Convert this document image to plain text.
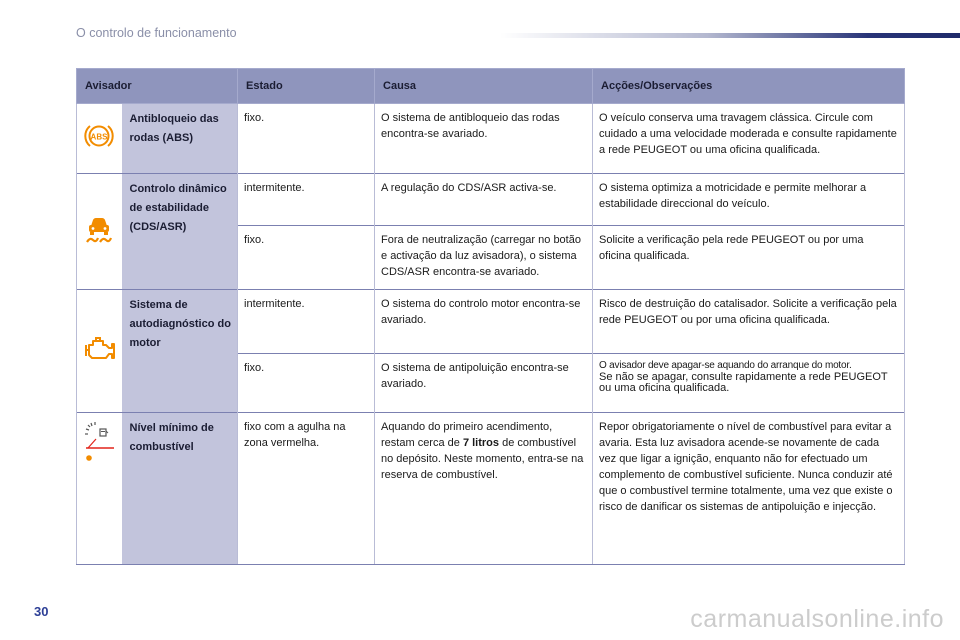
O controlo de funcionamento
Avisador		Estado	Causa	Acções/Observações

ABS	Antibloqueio das rodas (ABS)	fixo.	O sistema de antibloqueio das rodas encontra-se avariado.	O veículo conserva uma travagem clássica. Circule com cuidado a uma velocidade moderada e consulte rapidamente a rede PEUGEOT ou uma oficina qualificada.
	Controlo dinâmico de estabilidade (CDS/ASR)	intermitente.	A regulação do CDS/ASR activa-se.	O sistema optimiza a motricidade e permite melhorar a estabilidade direccional do veículo.
		fixo.	Fora de neutralização (carregar no botão e activação da luz avisadora), o sistema CDS/ASR encontra-se avariado.	Solicite a verificação pela rede PEUGEOT ou por uma oficina qualificada.
	Sistema de autodiagnóstico do motor	intermitente.	O sistema do controlo motor encontra-se avariado.	Risco de destruição do catalisador. Solicite a verificação pela rede PEUGEOT ou por uma oficina qualificada.
		fixo.	O sistema de antipoluição encontra-se avariado.	O avisador deve apagar-se aquando do arranque do motor.
Se não se apagar, consulte rapidamente a rede PEUGEOT ou uma oficina qualificada.

	Nível mínimo de combustível	fixo com a agulha na zona vermelha.	Aquando do primeiro acendimento, restam cerca de 7 litros de combustível no depósito. Neste momento, entra-se na reserva de combustível.	Repor obrigatoriamente o nível de combustível para evitar a avaria. Esta luz avisadora acende-se novamente de cada vez que ligar a ignição, enquanto não for efectuado um complemento de combustível suficiente. Nunca conduzir até que o combustível termine totalmente, uma vez que existe o risco de danificar os sistemas de antipoluição e injecção.
30	carmanualsonline.info
